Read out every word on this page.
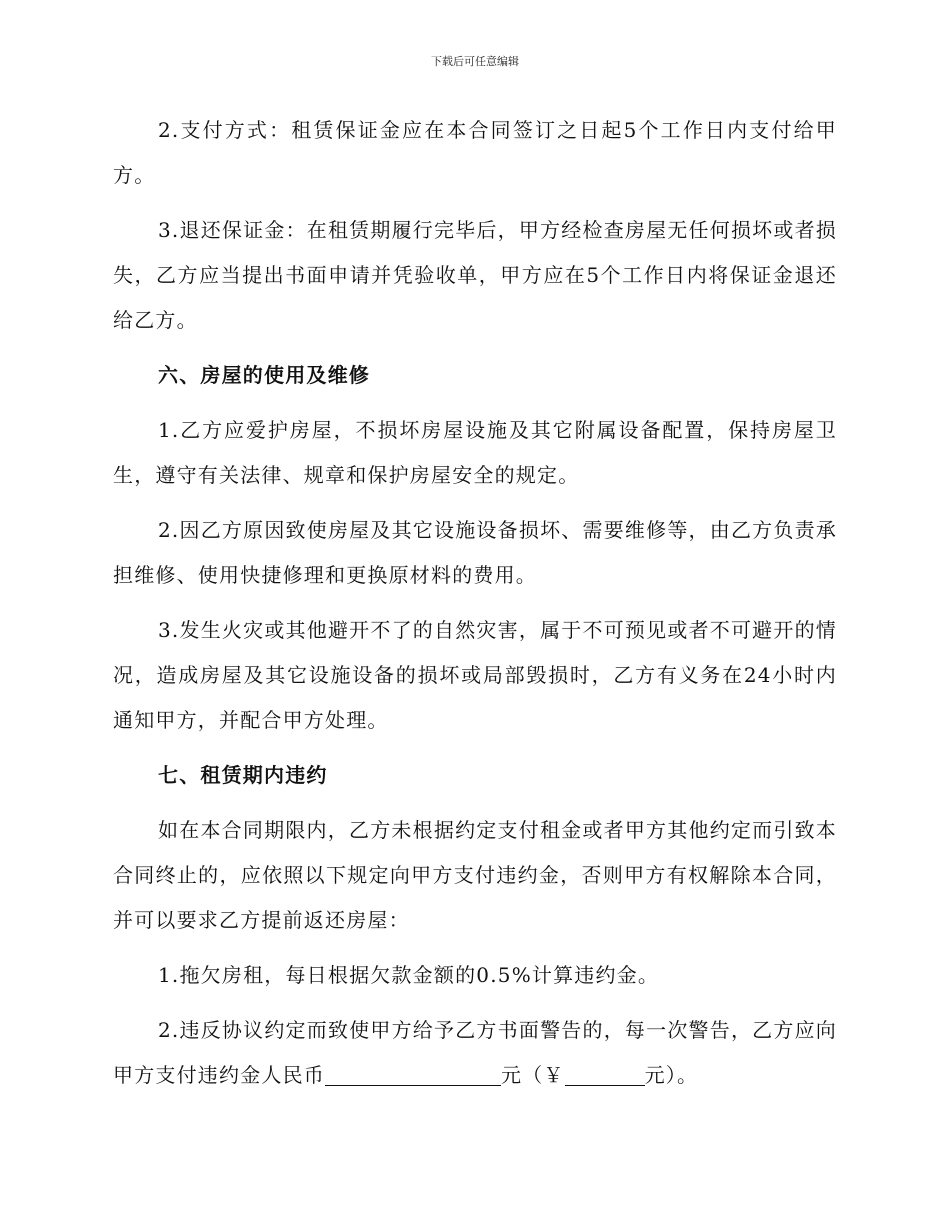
下载后可任意编辑

2.支付方式：租赁保证金应在本合同签订之日起5个工作日内支付给甲方。

3.退还保证金：在租赁期履行完毕后，甲方经检查房屋无任何损坏或者损失，乙方应当提出书面申请并凭验收单，甲方应在5个工作日内将保证金退还给乙方。

六、房屋的使用及维修

1.乙方应爱护房屋，不损坏房屋设施及其它附属设备配置，保持房屋卫生，遵守有关法律、规章和保护房屋安全的规定。

2.因乙方原因致使房屋及其它设施设备损坏、需要维修等，由乙方负责承担维修、使用快捷修理和更换原材料的费用。

3.发生火灾或其他避开不了的自然灾害，属于不可预见或者不可避开的情况，造成房屋及其它设施设备的损坏或局部毁损时，乙方有义务在24小时内通知甲方，并配合甲方处理。

七、租赁期内违约

如在本合同期限内，乙方未根据约定支付租金或者甲方其他约定而引致本合同终止的，应依照以下规定向甲方支付违约金，否则甲方有权解除本合同，并可以要求乙方提前返还房屋：

1.拖欠房租，每日根据欠款金额的0.5%计算违约金。

2.违反协议约定而致使甲方给予乙方书面警告的，每一次警告，乙方应向甲方支付违约金人民币	元（￥	元）。
